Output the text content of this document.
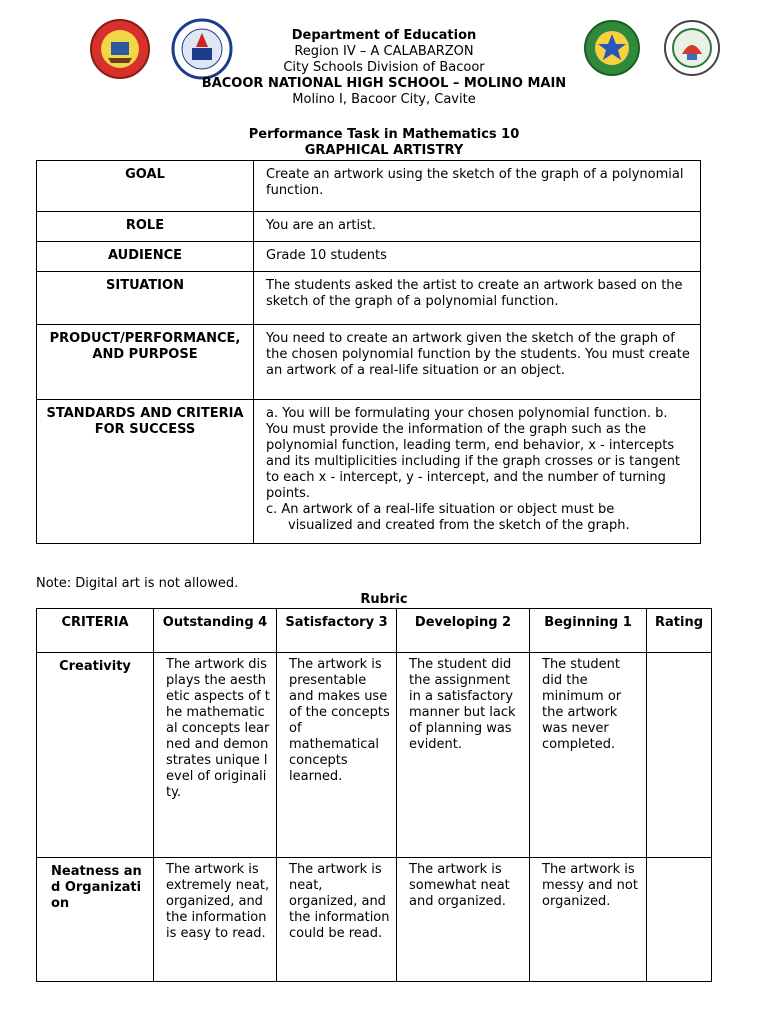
Department of Education
Region IV – A CALABARZON
City Schools Division of Bacoor
BACOOR NATIONAL HIGH SCHOOL – MOLINO MAIN
Molino I, Bacoor City, Cavite
Performance Task in Mathematics 10
GRAPHICAL ARTISTRY
GOAL	Create an artwork using the sketch of the graph of a polynomial function.
ROLE	You are an artist.
AUDIENCE	Grade 10 students
SITUATION	The students asked the artist to create an artwork based on the sketch of the graph of a polynomial function.
PRODUCT/PERFORMANCE, AND PURPOSE	You need to create an artwork given the sketch of the graph of the chosen polynomial function by the students. You must create an artwork of a real-life situation or an object.
STANDARDS AND CRITERIA FOR SUCCESS	a. You will be formulating your chosen polynomial function. b. You must provide the information of the graph such as the polynomial function, leading term, end behavior, x - intercepts and its multiplicities including if the graph crosses or is tangent to each x - intercept, y - intercept, and the number of turning points.
c. An artwork of a real-life situation or object must be
visualized and created from the sketch of the graph.
Note: Digital art is not allowed.
Rubric
CRITERIA	Outstanding 4	Satisfactory 3	Developing 2	Beginning 1	Rating
Creativity	The artwork displays the aesthetic aspects of the mathematical concepts learned and demonstrates unique level of originality.	The artwork is presentable and makes use of the concepts of mathematical concepts learned.	The student did the assignment in a satisfactory manner but lack of planning was evident.	The student did the minimum or the artwork was never completed.	
Neatness and Organization	The artwork is extremely neat, organized, and the information is easy to read.	The artwork is neat, organized, and the information could be read.	The artwork is somewhat neat and organized.	The artwork is messy and not organized.	
